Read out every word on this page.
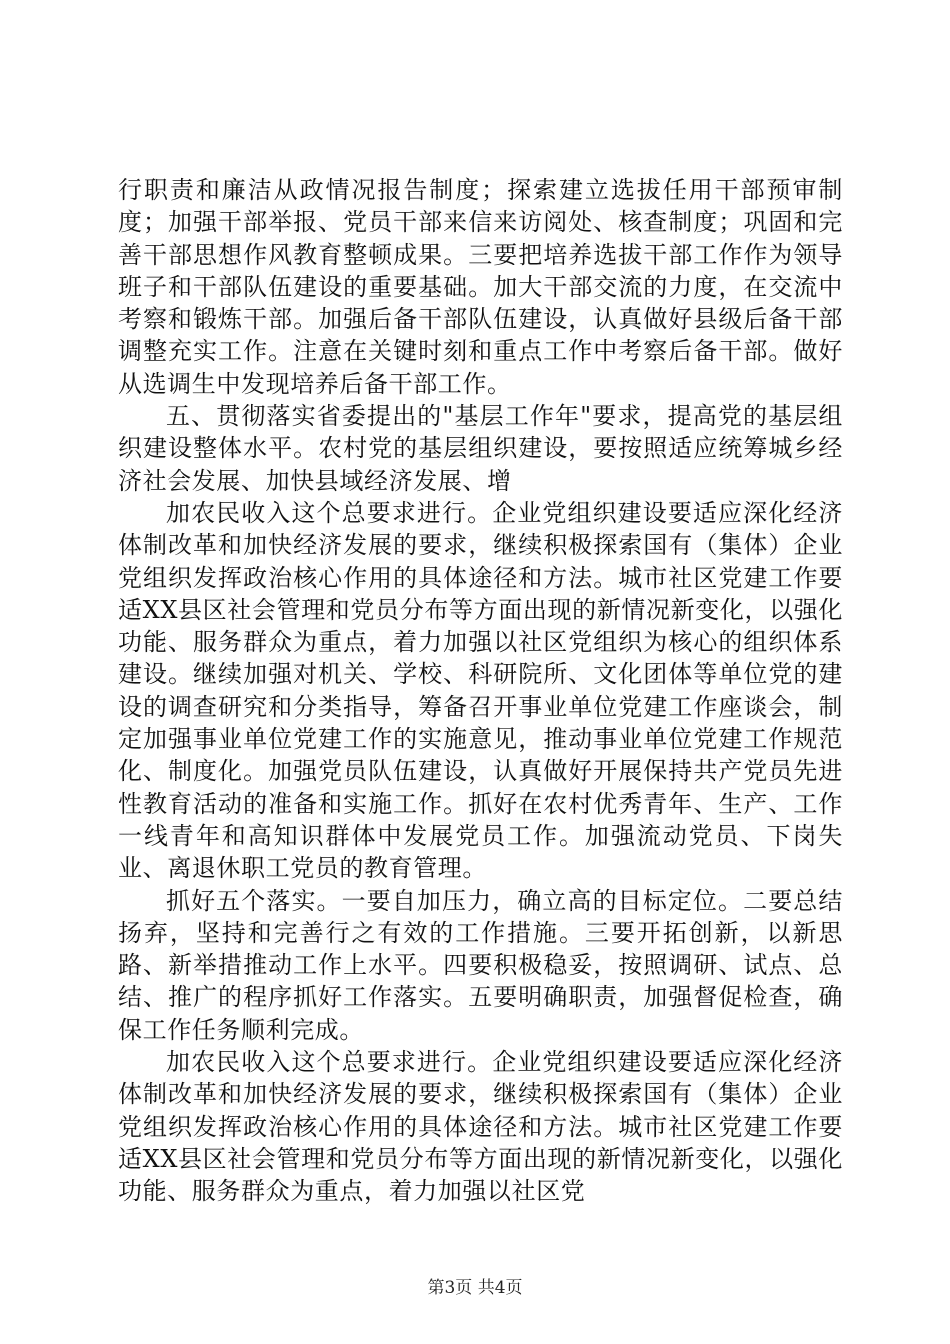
行职责和廉洁从政情况报告制度；探索建立选拔任用干部预审制度；加强干部举报、党员干部来信来访阅处、核查制度；巩固和完善干部思想作风教育整顿成果。三要把培养选拔干部工作作为领导班子和干部队伍建设的重要基础。加大干部交流的力度，在交流中考察和锻炼干部。加强后备干部队伍建设，认真做好县级后备干部调整充实工作。注意在关键时刻和重点工作中考察后备干部。做好从选调生中发现培养后备干部工作。

五、贯彻落实省委提出的"基层工作年"要求，提高党的基层组织建设整体水平。农村党的基层组织建设，要按照适应统筹城乡经济社会发展、加快县域经济发展、增

加农民收入这个总要求进行。企业党组织建设要适应深化经济体制改革和加快经济发展的要求，继续积极探索国有（集体）企业党组织发挥政治核心作用的具体途径和方法。城市社区党建工作要适XX县区社会管理和党员分布等方面出现的新情况新变化，以强化功能、服务群众为重点，着力加强以社区党组织为核心的组织体系建设。继续加强对机关、学校、科研院所、文化团体等单位党的建设的调查研究和分类指导，筹备召开事业单位党建工作座谈会，制定加强事业单位党建工作的实施意见，推动事业单位党建工作规范化、制度化。加强党员队伍建设，认真做好开展保持共产党员先进性教育活动的准备和实施工作。抓好在农村优秀青年、生产、工作一线青年和高知识群体中发展党员工作。加强流动党员、下岗失业、离退休职工党员的教育管理。

抓好五个落实。一要自加压力，确立高的目标定位。二要总结扬弃，坚持和完善行之有效的工作措施。三要开拓创新，以新思路、新举措推动工作上水平。四要积极稳妥，按照调研、试点、总结、推广的程序抓好工作落实。五要明确职责，加强督促检查，确保工作任务顺利完成。

加农民收入这个总要求进行。企业党组织建设要适应深化经济体制改革和加快经济发展的要求，继续积极探索国有（集体）企业党组织发挥政治核心作用的具体途径和方法。城市社区党建工作要适XX县区社会管理和党员分布等方面出现的新情况新变化，以强化功能、服务群众为重点，着力加强以社区党

第3页 共4页
